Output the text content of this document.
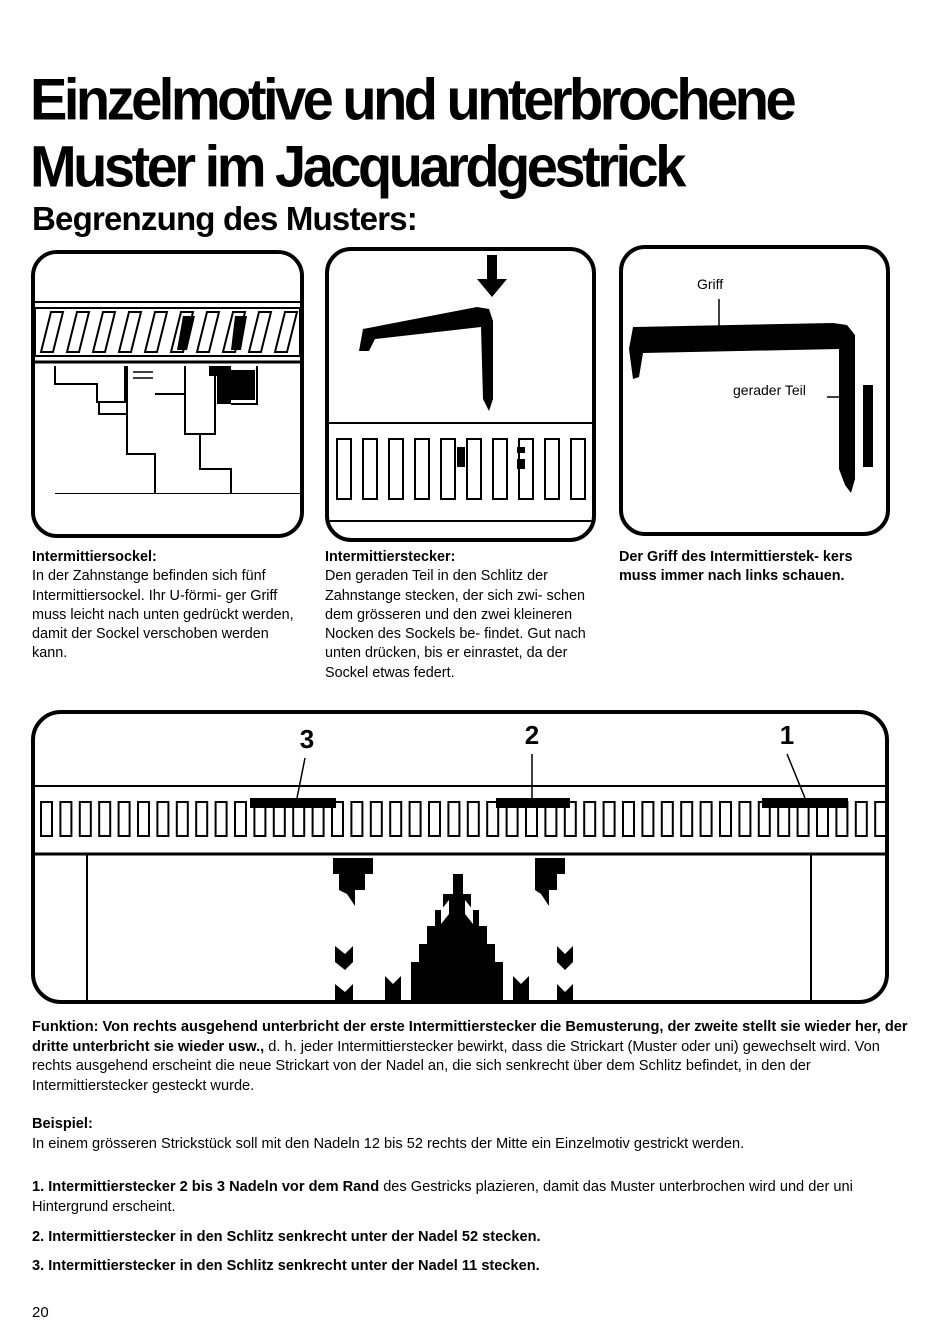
Einzelmotive und unterbrochene
Muster im Jacquardgestrick
Begrenzung des Musters:
Griff
gerader Teil
Intermittiersockel:
In der Zahnstange befinden sich fünf Intermittiersockel. Ihr U-förmi- ger Griff muss leicht nach unten gedrückt werden, damit der Sockel verschoben werden kann.
Intermittierstecker:
Den geraden Teil in den Schlitz der Zahnstange stecken, der sich zwi- schen dem grösseren und den zwei kleineren Nocken des Sockels be- findet. Gut nach unten drücken, bis er einrastet, da der Sockel etwas federt.
Der Griff des Intermittierstek- kers muss immer nach links schauen.
3	2	1
Funktion: Von rechts ausgehend unterbricht der erste Intermittierstecker die Bemusterung, der zweite stellt sie wieder her, der dritte unterbricht sie wieder usw., d. h. jeder Intermittierstecker bewirkt, dass die Strickart (Muster oder uni) gewechselt wird. Von rechts ausgehend erscheint die neue Strickart von der Nadel an, die sich senkrecht über dem Schlitz befindet, in den der Intermittierstecker gesteckt wurde.
Beispiel:
In einem grösseren Strickstück soll mit den Nadeln 12 bis 52 rechts der Mitte ein Einzelmotiv gestrickt werden.
1. Intermittierstecker 2 bis 3 Nadeln vor dem Rand des Gestricks plazieren, damit das Muster unterbrochen wird und der uni Hintergrund erscheint.
2. Intermittierstecker in den Schlitz senkrecht unter der Nadel 52 stecken.
3. Intermittierstecker in den Schlitz senkrecht unter der Nadel 11 stecken.
20
